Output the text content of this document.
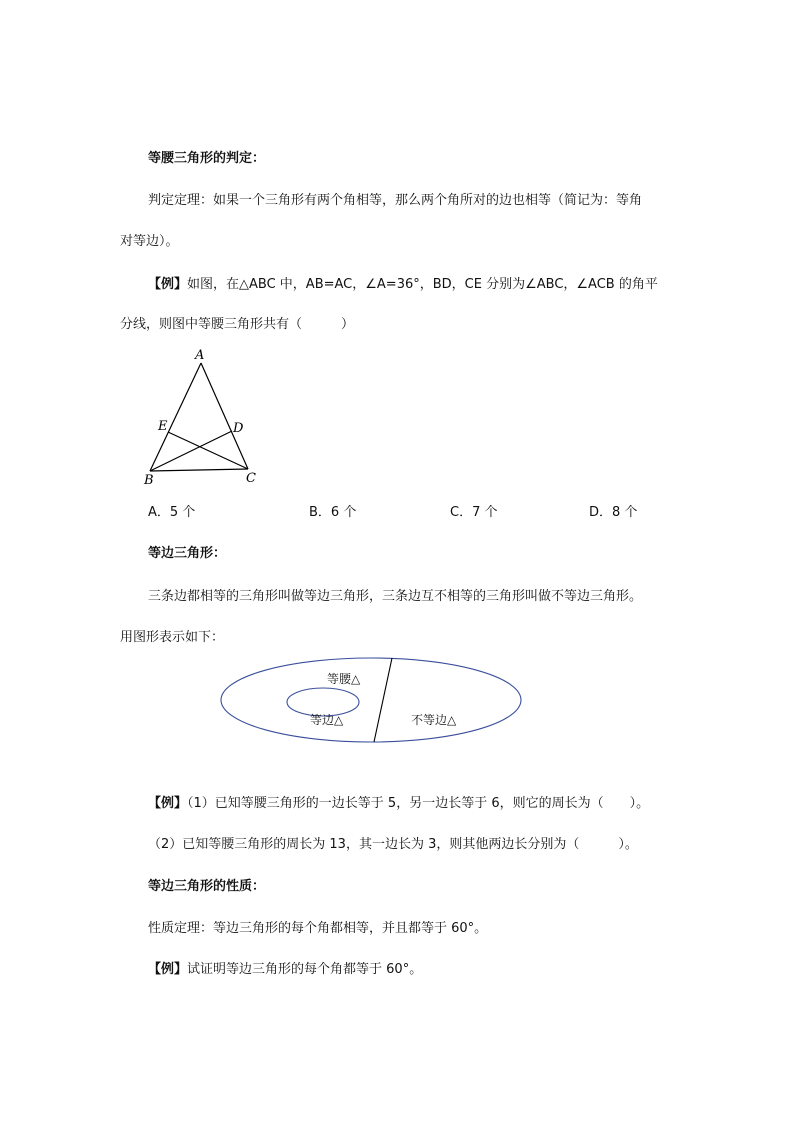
等腰三角形的判定：
判定定理：如果一个三角形有两个角相等，那么两个角所对的边也相等（简记为：等角
对等边）。
【例】如图，在△ABC 中，AB=AC，∠A=36°，BD，CE 分别为∠ABC，∠ACB 的角平
分线，则图中等腰三角形共有（　　　）
A
E	D
B	C
A．5 个	B．6 个	C．7 个	D．8 个
等边三角形：
三条边都相等的三角形叫做等边三角形，三条边互不相等的三角形叫做不等边三角形。
用图形表示如下：
等腰△
等边△	不等边△
【例】（1）已知等腰三角形的一边长等于 5，另一边长等于 6，则它的周长为（　　）。
（2）已知等腰三角形的周长为 13，其一边长为 3，则其他两边长分别为（　　　）。
等边三角形的性质：
性质定理：等边三角形的每个角都相等，并且都等于 60°。
【例】试证明等边三角形的每个角都等于 60°。
